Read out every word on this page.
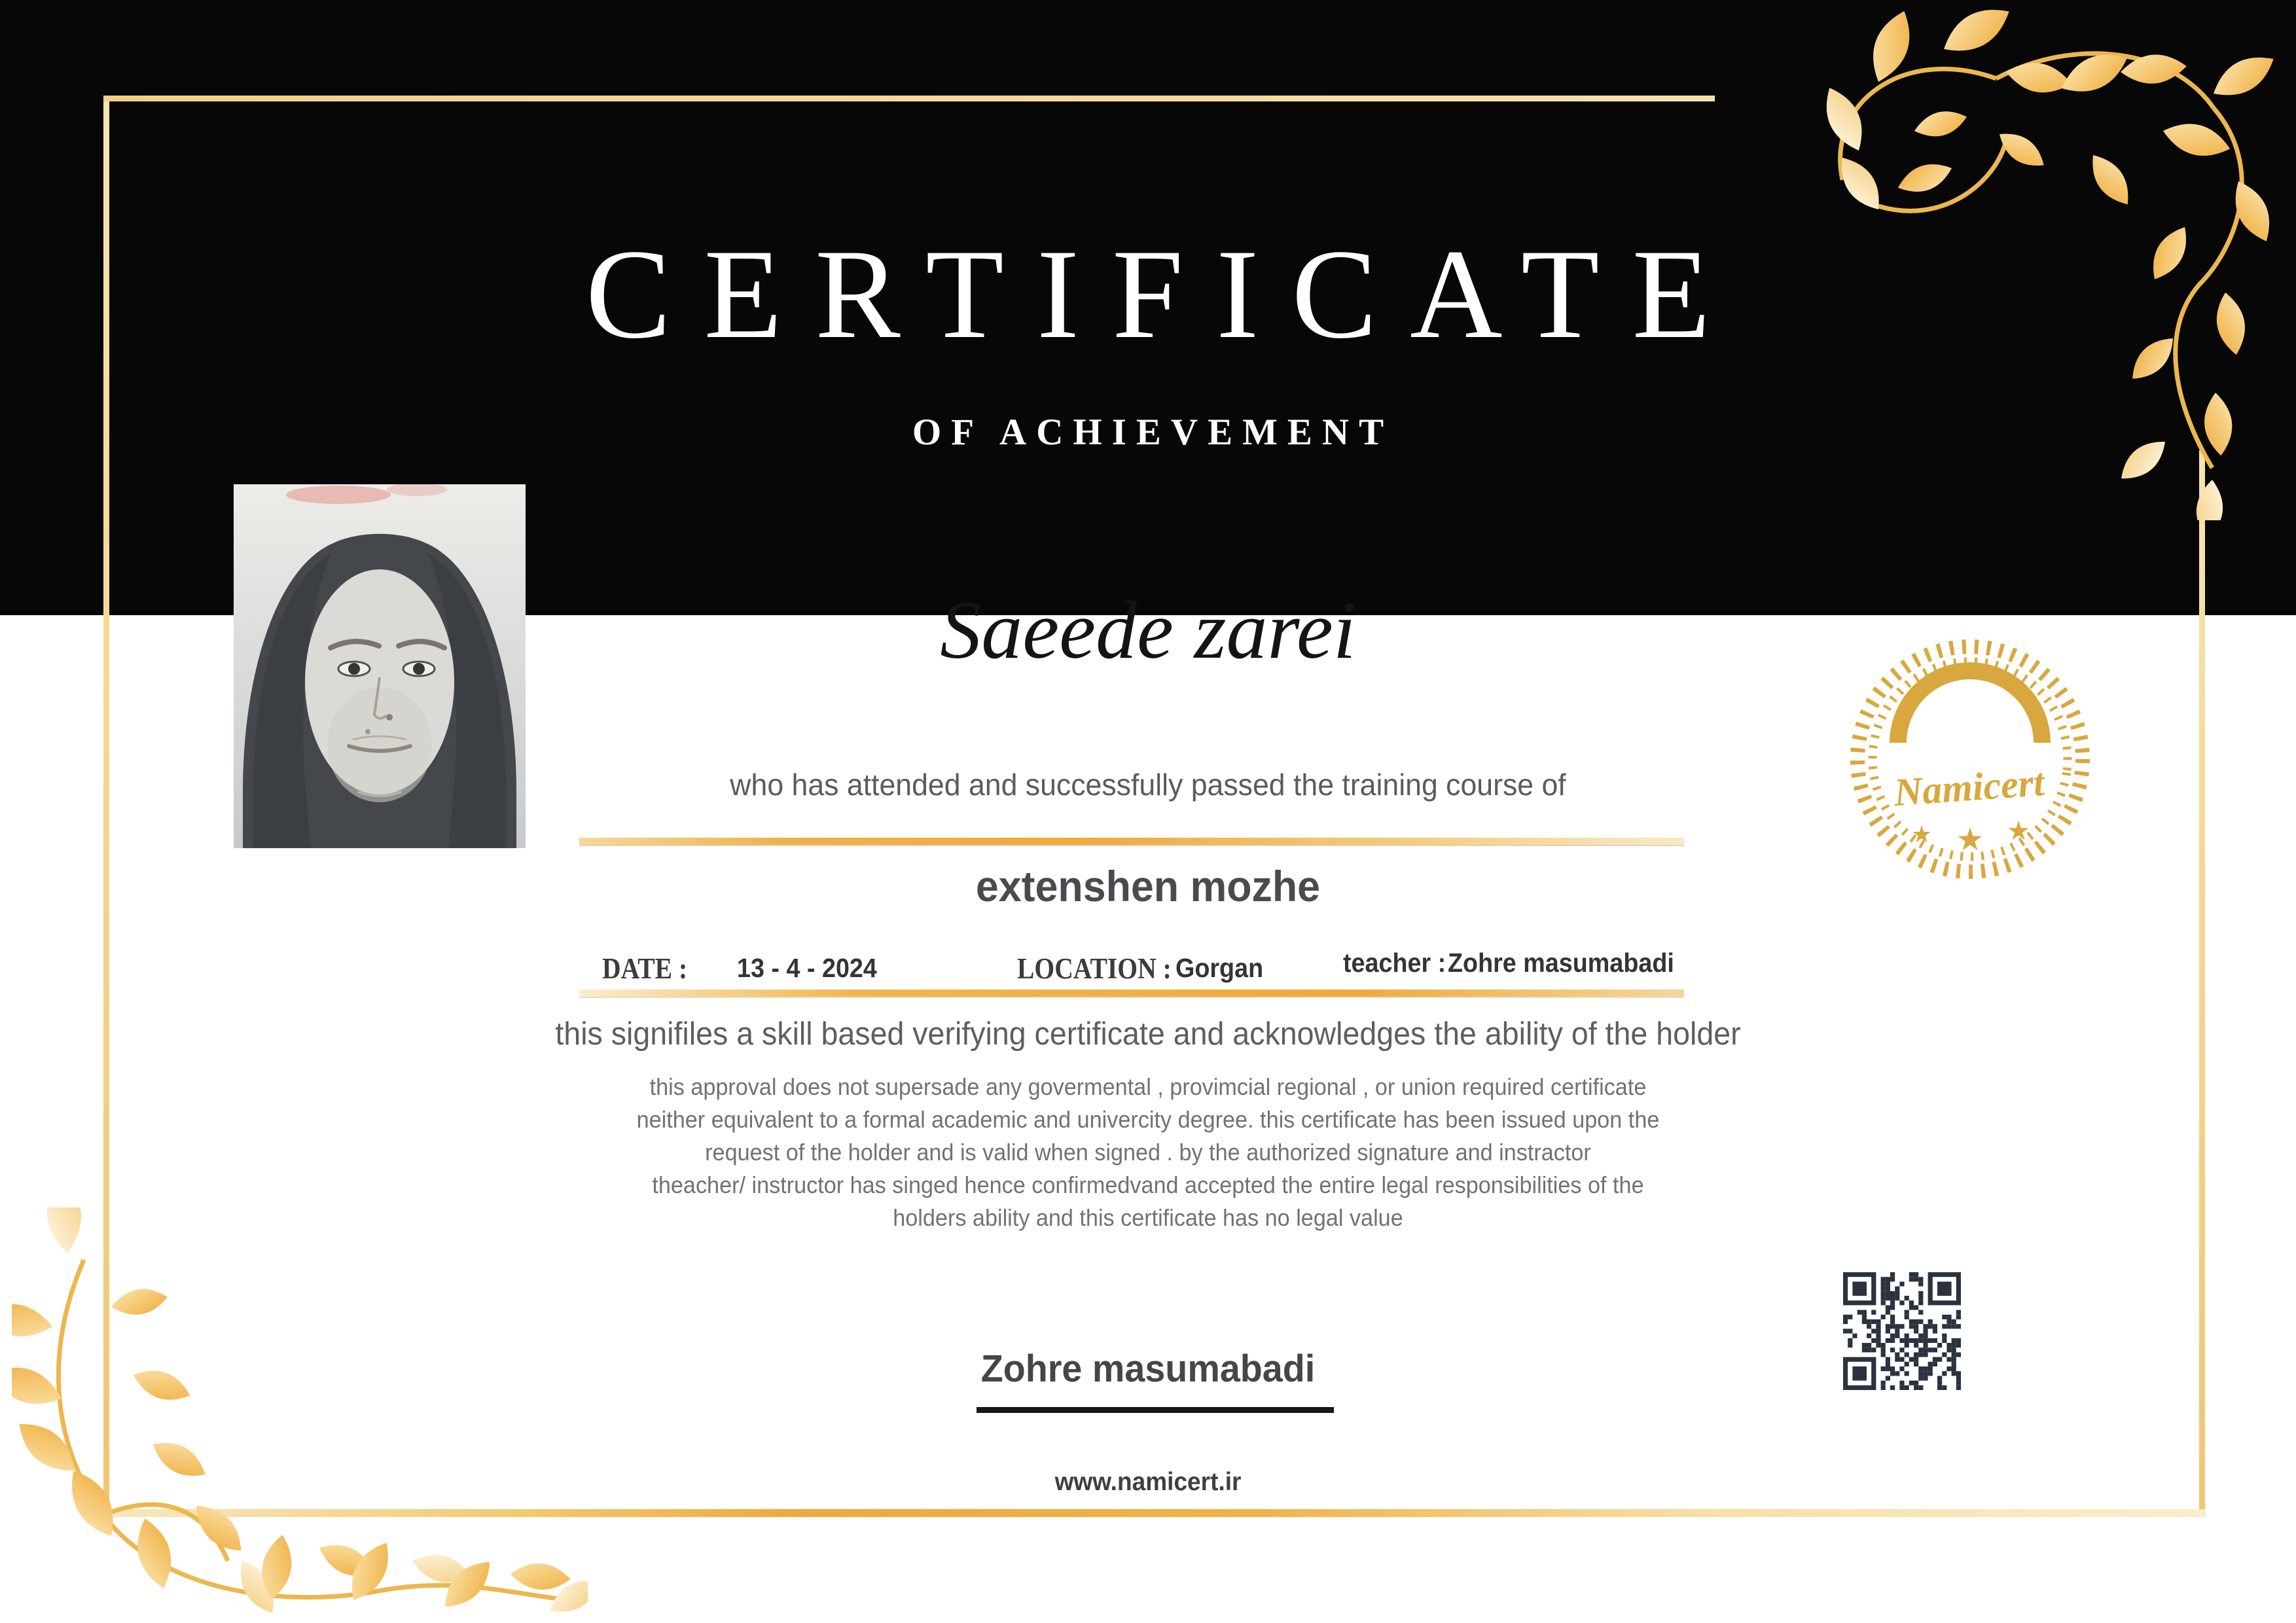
CERTIFICATE
OF ACHIEVEMENT
Saeede zarei
who has attended and successfully passed the training course of
extenshen mozhe
DATE : 13 - 4 - 2024	LOCATION : Gorgan	teacher : Zohre masumabadi
this signifiles a skill based verifying certificate and acknowledges the ability of the holder
this approval does not supersade any govermental , provimcial regional , or union required certificate
neither equivalent to a formal academic and univercity degree. this certificate has been issued upon the
request of the holder and is valid when signed . by the authorized signature and instractor
theacher/ instructor has singed hence confirmedvand accepted the entire legal responsibilities of the
holders ability and this certificate has no legal value
Zohre masumabadi
www.namicert.ir
Namicert
★ ★ ★
